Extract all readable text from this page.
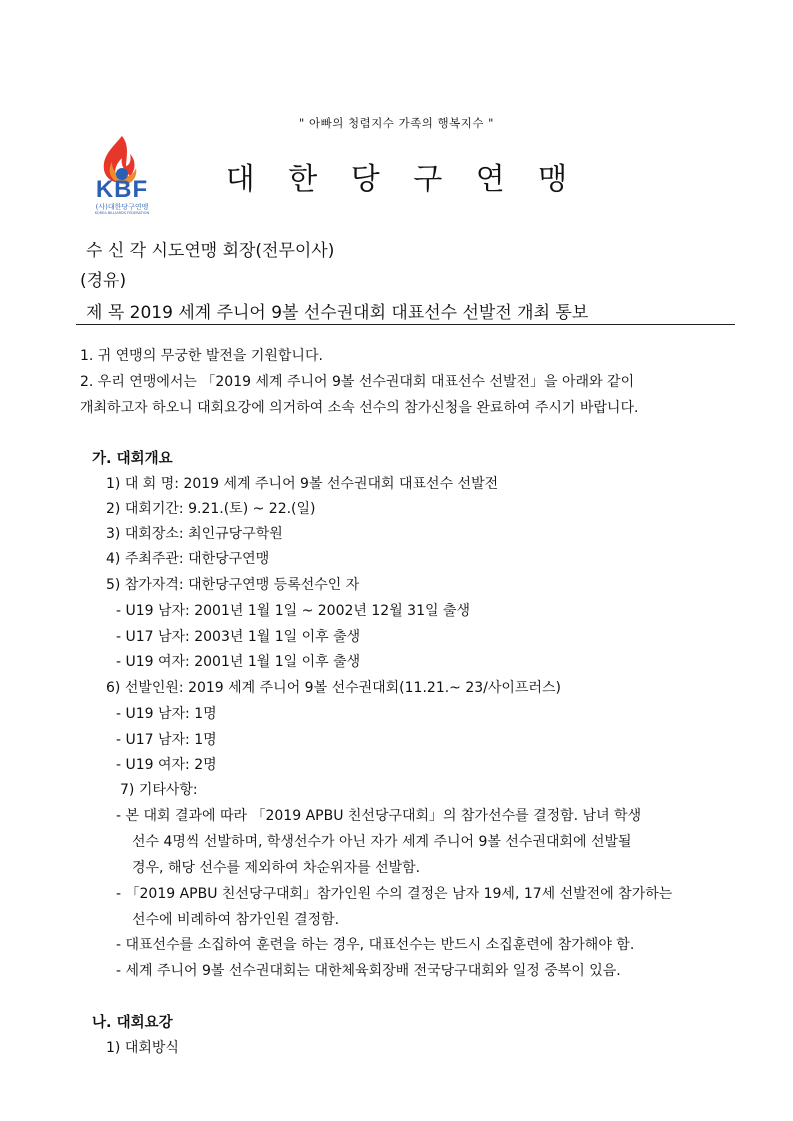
" 아빠의 청렴지수 가족의 행복지수 "
KBF
(사)대한당구연맹
KOREA BILLIARDS FEDERATION
대 한 당 구 연 맹
수 신 각 시도연맹 회장(전무이사)
(경유)
제 목 2019 세계 주니어 9볼 선수권대회 대표선수 선발전 개최 통보
1. 귀 연맹의 무궁한 발전을 기원합니다.
2. 우리 연맹에서는 「2019 세계 주니어 9볼 선수권대회 대표선수 선발전」을 아래와 같이
개최하고자 하오니 대회요강에 의거하여 소속 선수의 참가신청을 완료하여 주시기 바랍니다.
가. 대회개요
1) 대 회 명: 2019 세계 주니어 9볼 선수권대회 대표선수 선발전
2) 대회기간: 9.21.(토) ~ 22.(일)
3) 대회장소: 최인규당구학원
4) 주최주관: 대한당구연맹
5) 참가자격: 대한당구연맹 등록선수인 자
- U19 남자: 2001년 1월 1일 ~ 2002년 12월 31일 출생
- U17 남자: 2003년 1월 1일 이후 출생
- U19 여자: 2001년 1월 1일 이후 출생
6) 선발인원: 2019 세계 주니어 9볼 선수권대회(11.21.~ 23/사이프러스)
- U19 남자: 1명
- U17 남자: 1명
- U19 여자: 2명
7) 기타사항:
- 본 대회 결과에 따라 「2019 APBU 친선당구대회」의 참가선수를 결정함. 남녀 학생
선수 4명씩 선발하며, 학생선수가 아닌 자가 세계 주니어 9볼 선수권대회에 선발될
경우, 해당 선수를 제외하여 차순위자를 선발함.
- 「2019 APBU 친선당구대회」참가인원 수의 결정은 남자 19세, 17세 선발전에 참가하는
선수에 비례하여 참가인원 결정함.
- 대표선수를 소집하여 훈련을 하는 경우, 대표선수는 반드시 소집훈련에 참가해야 함.
- 세계 주니어 9볼 선수권대회는 대한체육회장배 전국당구대회와 일정 중복이 있음.
나. 대회요강
1) 대회방식
